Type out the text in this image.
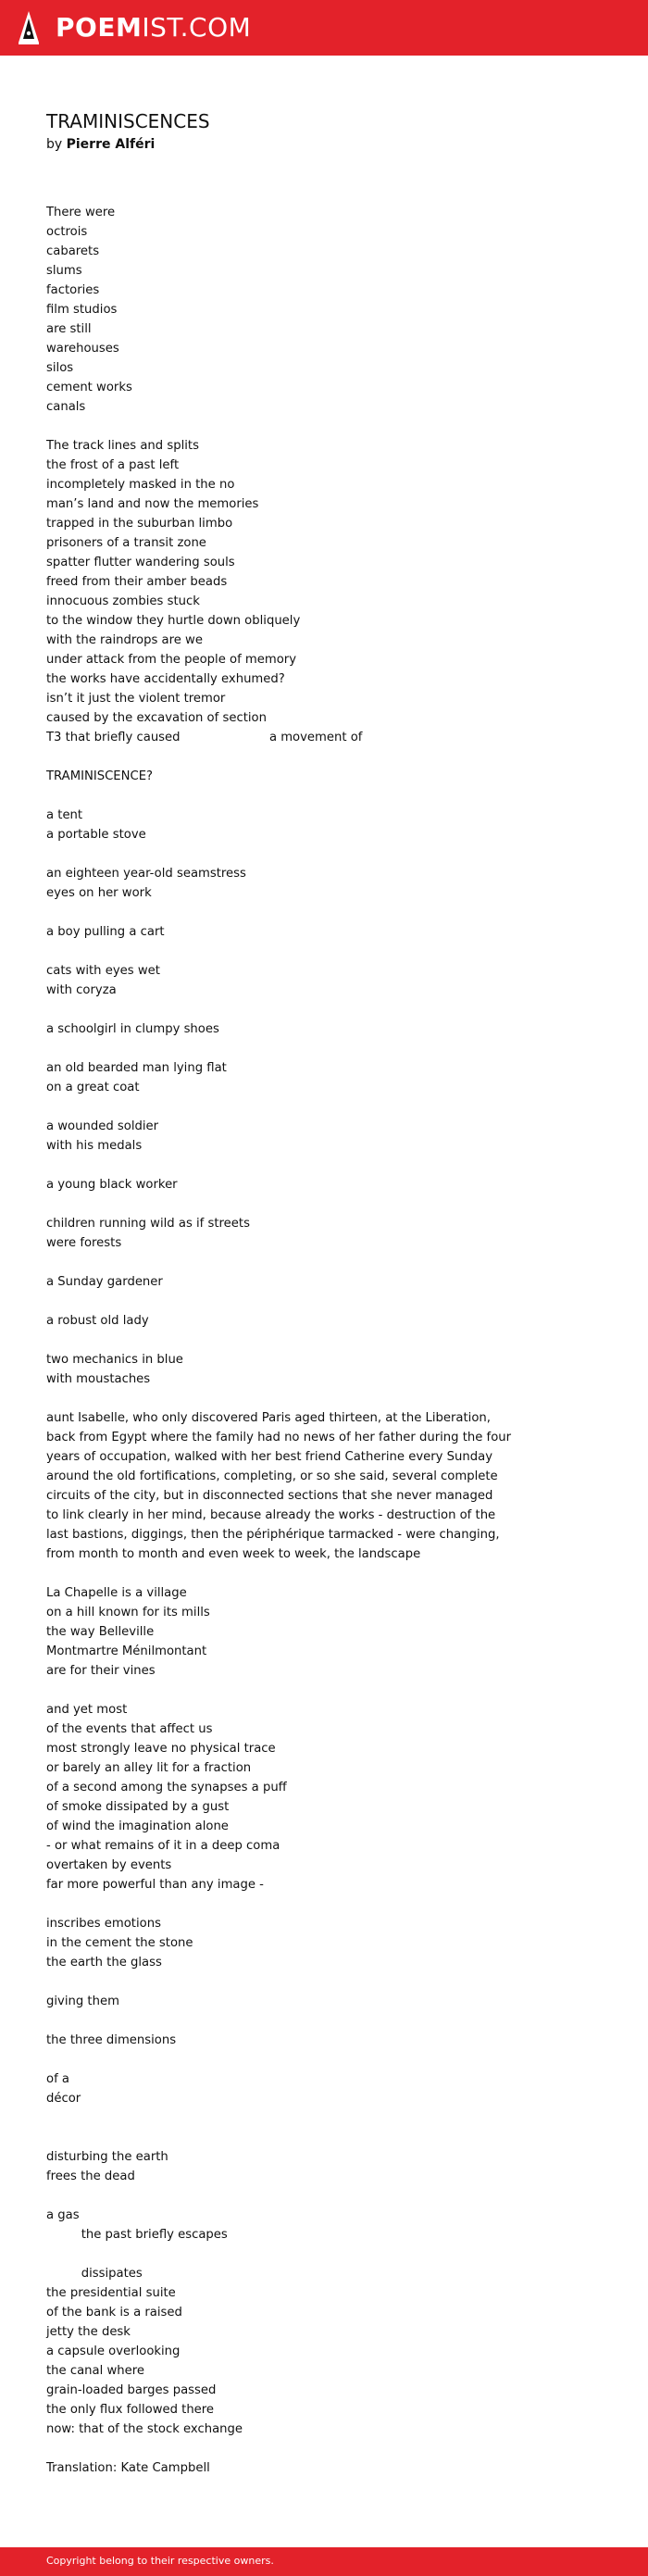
POEMIST.COM
TRAMINISCENCES
by Pierre Alféri
There were
octrois
cabarets
slums
factories
film studios
are still
warehouses
silos
cement works
canals
The track lines and splits
the frost of a past left
incompletely masked in the no
man’s land and now the memories
trapped in the suburban limbo
prisoners of a transit zone
spatter flutter wandering souls
freed from their amber beads
innocuous zombies stuck
to the window they hurtle down obliquely
with the raindrops are we
under attack from the people of memory
the works have accidentally exhumed?
isn’t it just the violent tremor
caused by the excavation of section
T3 that briefly caused                       a movement of
TRAMINISCENCE?
a tent
a portable stove
an eighteen year-old seamstress
eyes on her work
a boy pulling a cart
cats with eyes wet
with coryza
a schoolgirl in clumpy shoes
an old bearded man lying flat
on a great coat
a wounded soldier
with his medals
a young black worker
children running wild as if streets
were forests
a Sunday gardener
a robust old lady
two mechanics in blue
with moustaches
aunt Isabelle, who only discovered Paris aged thirteen, at the Liberation,
back from Egypt where the family had no news of her father during the four
years of occupation, walked with her best friend Catherine every Sunday
around the old fortifications, completing, or so she said, several complete
circuits of the city, but in disconnected sections that she never managed
to link clearly in her mind, because already the works - destruction of the
last bastions, diggings, then the périphérique tarmacked - were changing,
from month to month and even week to week, the landscape
La Chapelle is a village
on a hill known for its mills
the way Belleville
Montmartre Ménilmontant
are for their vines
and yet most
of the events that affect us
most strongly leave no physical trace
or barely an alley lit for a fraction
of a second among the synapses a puff
of smoke dissipated by a gust
of wind the imagination alone
- or what remains of it in a deep coma
overtaken by events
far more powerful than any image -
inscribes emotions
in the cement the stone
the earth the glass
giving them
the three dimensions
of a
décor
disturbing the earth
frees the dead
a gas
the past briefly escapes
dissipates
the presidential suite
of the bank is a raised
jetty the desk
a capsule overlooking
the canal where
grain-loaded barges passed
the only flux followed there
now: that of the stock exchange
Translation: Kate Campbell
Copyright belong to their respective owners.
